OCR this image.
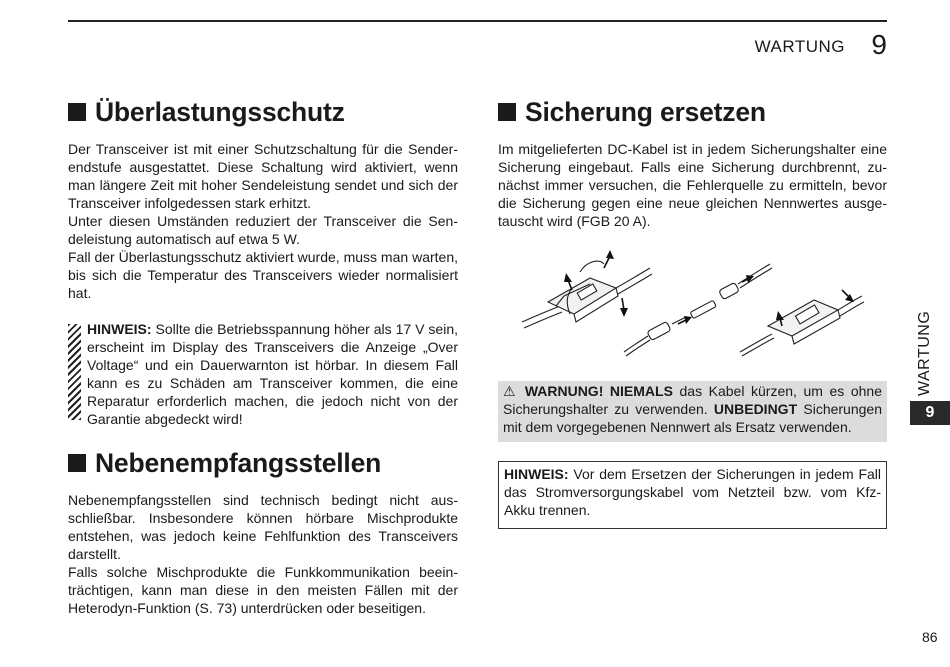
WARTUNG 9
Überlastungsschutz

Der Transceiver ist mit einer Schutzschaltung für die Senderendstufe ausgestattet. Diese Schaltung wird aktiviert, wenn man längere Zeit mit hoher Sendeleistung sendet und sich der Transceiver infolgedessen stark erhitzt.

Unter diesen Umständen reduziert der Transceiver die Sendeleistung automatisch auf etwa 5 W.

Fall der Überlastungsschutz aktiviert wurde, muss man warten, bis sich die Temperatur des Transceivers wieder normalisiert hat.

HINWEIS: Sollte die Betriebsspannung höher als 17 V sein, erscheint im Display des Transceivers die Anzeige „Over Voltage“ und ein Dauerwarnton ist hörbar. In diesem Fall kann es zu Schäden am Transceiver kommen, die eine Reparatur erforderlich machen, die jedoch nicht von der Garantie abgedeckt wird!
Nebenempfangsstellen

Nebenempfangsstellen sind technisch bedingt nicht ausschließbar. Insbesondere können hörbare Mischprodukte entstehen, was jedoch keine Fehlfunktion des Transceivers darstellt.

Falls solche Mischprodukte die Funkkommunikation beeinträchtigen, kann man diese in den meisten Fällen mit der Heterodyn-Funktion (S. 73) unterdrücken oder beseitigen.

Sicherung ersetzen

Im mitgelieferten DC-Kabel ist in jedem Sicherungshalter eine Sicherung eingebaut. Falls eine Sicherung durchbrennt, zunächst immer versuchen, die Fehlerquelle zu ermitteln, bevor die Sicherung gegen eine neue gleichen Nennwertes ausgetauscht wird (FGB 20 A).

⚠ WARNUNG! NIEMALS das Kabel kürzen, um es ohne Sicherungshalter zu verwenden. UNBEDINGT Sicherungen mit dem vorgegebenen Nennwert als Ersatz verwenden.
HINWEIS: Vor dem Ersetzen der Sicherungen in jedem Fall das Stromversorgungskabel vom Netzteil bzw. vom Kfz-Akku trennen.
WARTUNG
9
86
